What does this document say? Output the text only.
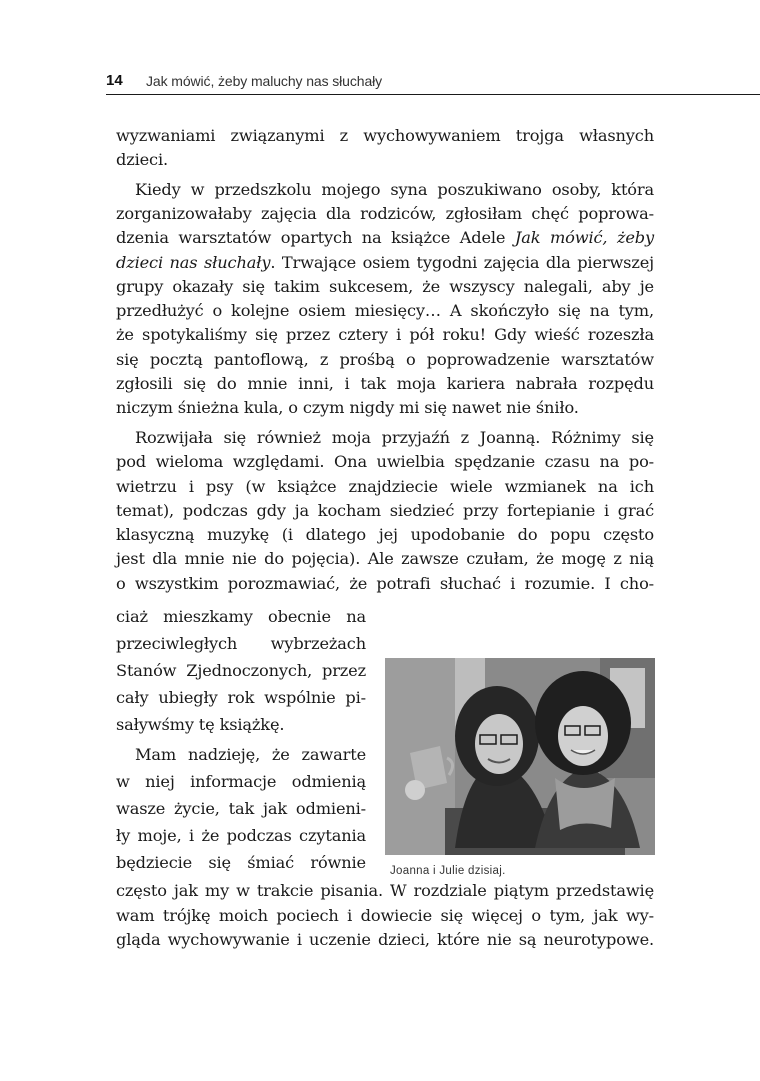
14 Jak mówić, żeby maluchy nas słuchały
wyzwaniami związanymi z wychowywaniem trojga własnych
dzieci.
Kiedy w przedszkolu mojego syna poszukiwano osoby, która
zorganizowałaby zajęcia dla rodziców, zgłosiłam chęć poprowa-
dzenia warsztatów opartych na książce Adele Jak mówić, żeby
dzieci nas słuchały. Trwające osiem tygodni zajęcia dla pierwszej
grupy okazały się takim sukcesem, że wszyscy nalegali, aby je
przedłużyć o kolejne osiem miesięcy… A skończyło się na tym,
że spotykaliśmy się przez cztery i pół roku! Gdy wieść rozeszła
się pocztą pantoflową, z prośbą o poprowadzenie warsztatów
zgłosili się do mnie inni, i tak moja kariera nabrała rozpędu
niczym śnieżna kula, o czym nigdy mi się nawet nie śniło.
Rozwijała się również moja przyjaźń z Joanną. Różnimy się
pod wieloma względami. Ona uwielbia spędzanie czasu na po-
wietrzu i psy (w książce znajdziecie wiele wzmianek na ich
temat), podczas gdy ja kocham siedzieć przy fortepianie i grać
klasyczną muzykę (i dlatego jej upodobanie do popu często
jest dla mnie nie do pojęcia). Ale zawsze czułam, że mogę z nią
o wszystkim porozmawiać, że potrafi słuchać i rozumie. I cho-
ciaż mieszkamy obecnie na
przeciwległych wybrzeżach
Stanów Zjednoczonych, przez
cały ubiegły rok wspólnie pi-
saływśmy tę książkę.
Mam nadzieję, że zawarte
w niej informacje odmienią
wasze życie, tak jak odmieni-
ły moje, i że podczas czytania
będziecie się śmiać równie
często jak my w trakcie pisania. W rozdziale piątym przedstawię
wam trójkę moich pociech i dowiecie się więcej o tym, jak wy-
gląda wychowywanie i uczenie dzieci, które nie są neurotypowe.
Joanna i Julie dzisiaj.
